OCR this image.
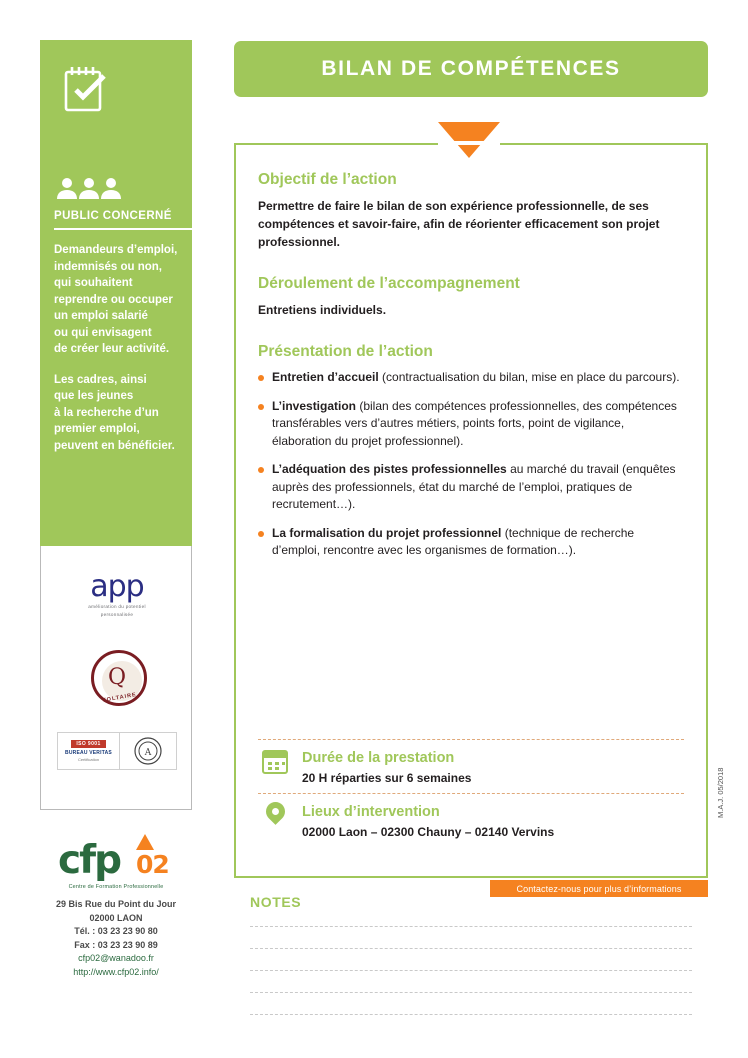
PUBLIC CONCERNÉ

Demandeurs d’emploi,
indemnisés ou non,
qui souhaitent
reprendre ou occuper
un emploi salarié
ou qui envisagent
de créer leur activité.

Les cadres, ainsi
que les jeunes
à la recherche d’un
premier emploi,
peuvent en bénéficier.

app
amélioration du potentiel
personnalisée
Q
VOLTAIRE
ISO 9001
BUREAU VERITAS
Certification
A
cfp 02
Centre de Formation Professionnelle
29 Bis Rue du Point du Jour
02000 LAON
Tél. : 03 23 23 90 80
Fax : 03 23 23 90 89
cfp02@wanadoo.fr
http://www.cfp02.info/
BILAN DE COMPÉTENCES
Objectif de l’action

Permettre de faire le bilan de son expérience professionnelle, de ses compétences et savoir-faire, afin de réorienter efficacement son projet professionnel.

Déroulement de l’accompagnement

Entretiens individuels.

Présentation de l’action
Entretien d’accueil (contractualisation du bilan, mise en place du parcours).
L’investigation (bilan des compétences professionnelles, des compétences transférables vers d’autres métiers, points forts, point de vigilance, élaboration du projet professionnel).
L’adéquation des pistes professionnelles au marché du travail (enquêtes auprès des professionnels, état du marché de l’emploi, pratiques de recrutement…).
La formalisation du projet professionnel (technique de recherche d’emploi, rencontre avec les organismes de formation…).
Durée de la prestation

20 H réparties sur 6 semaines

Lieux d’intervention

02000 Laon – 02300 Chauny – 02140 Vervins

Contactez-nous pour plus d’informations
M.A.J. 05/2018
NOTES
